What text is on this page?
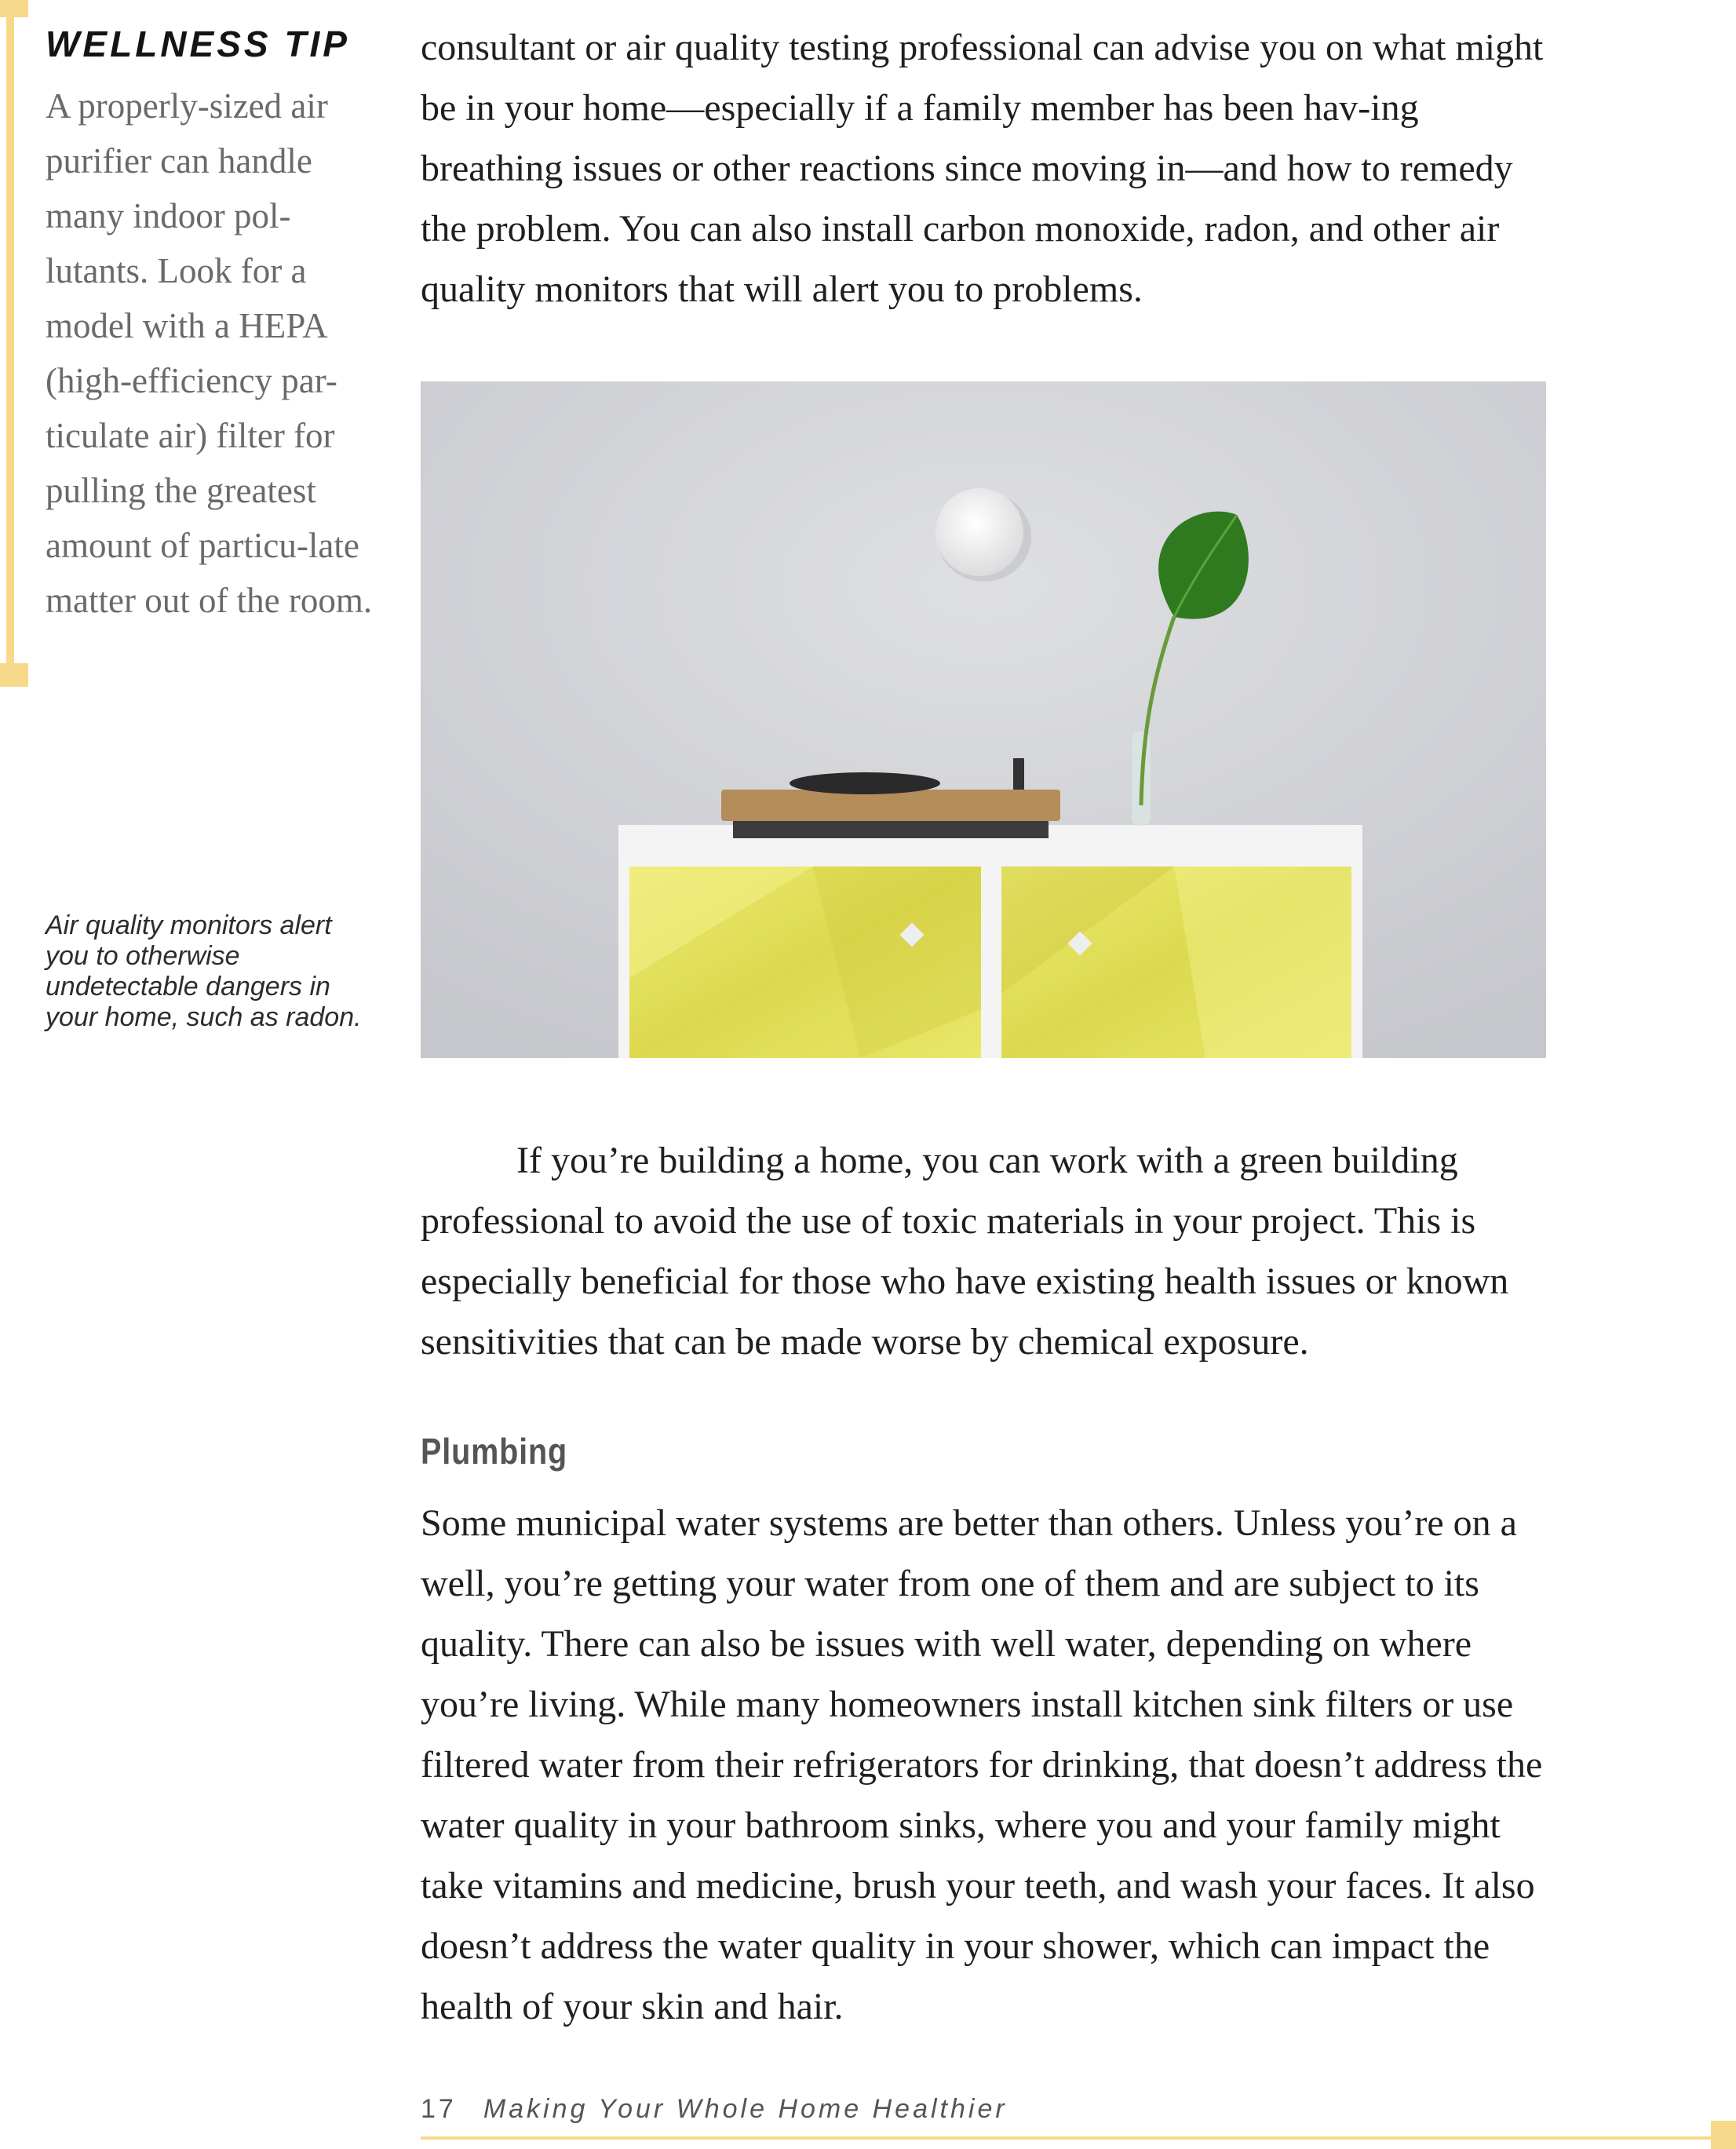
WELLNESS TIP

A properly-sized air purifier can handle many indoor pol-lutants. Look for a model with a HEPA (high-efficiency par-ticulate air) filter for pulling the greatest amount of particu-late matter out of the room.

Air quality monitors alert you to otherwise undetectable dangers in your home, such as radon.

consultant or air quality testing professional can advise you on what might be in your home—especially if a family member has been hav-ing breathing issues or other reactions since moving in—and how to remedy the problem. You can also install carbon monoxide, radon, and other air quality monitors that will alert you to problems.

If you’re building a home, you can work with a green building professional to avoid the use of toxic materials in your project. This is especially beneficial for those who have existing health issues or known sensitivities that can be made worse by chemical exposure.

Plumbing

Some municipal water systems are better than others. Unless you’re on a well, you’re getting your water from one of them and are subject to its quality. There can also be issues with well water, depending on where you’re living. While many homeowners install kitchen sink filters or use filtered water from their refrigerators for drinking, that doesn’t address the water quality in your bathroom sinks, where you and your family might take vitamins and medicine, brush your teeth, and wash your faces. It also doesn’t address the water quality in your shower, which can impact the health of your skin and hair.

17 Making Your Whole Home Healthier
